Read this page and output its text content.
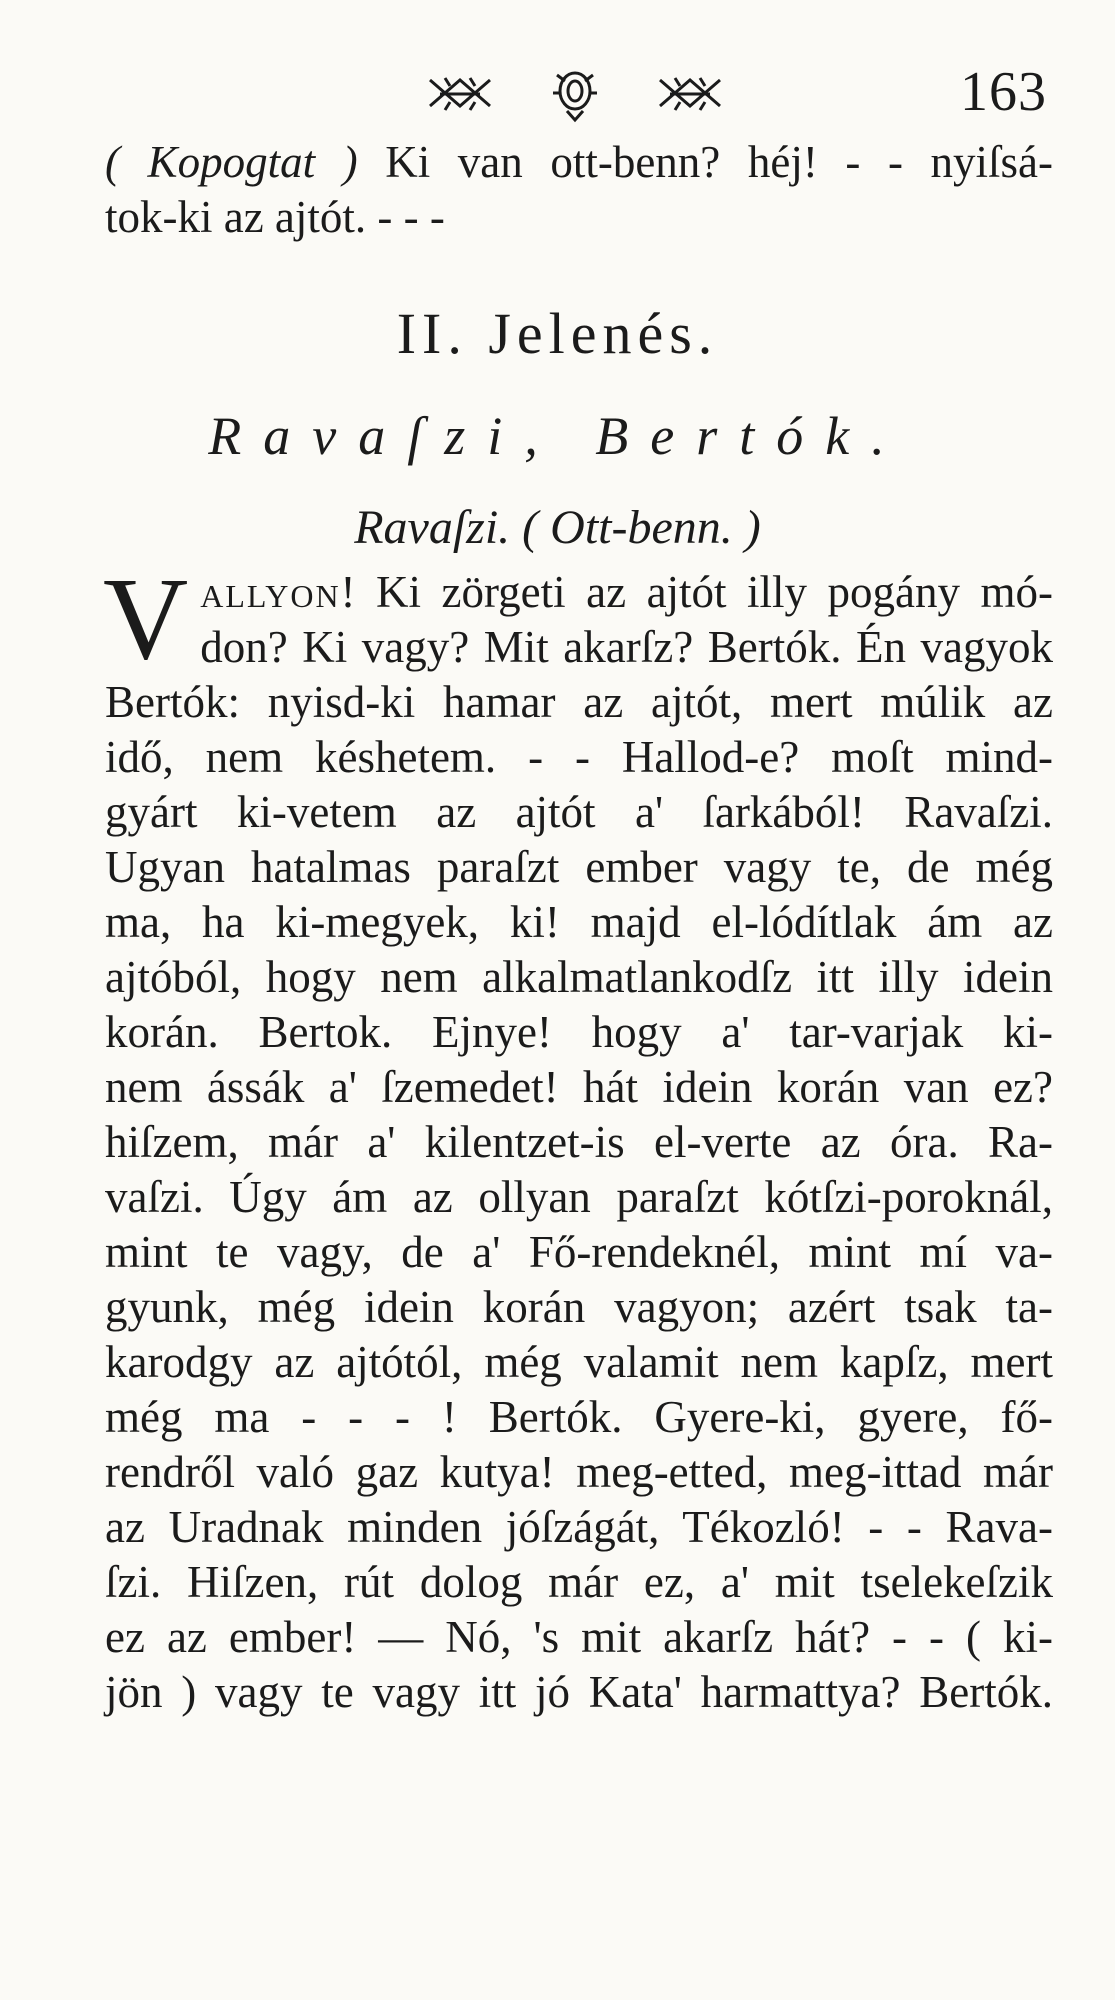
163
( Kopogtat ) Ki van ott-benn? héj! - - nyiſsá-
tok-ki az ajtót. - - -
II. Jelenés.
Ravaſzi, Bertók.
Ravaſzi. ( Ott-benn. )
V allyon! Ki zörgeti az ajtót illy pogány mó-
don? Ki vagy? Mit akarſz? Bertók. Én vagyok
Bertók: nyisd-ki hamar az ajtót, mert múlik az
idő, nem késhetem. - - Hallod-e? moſt mind-
gyárt ki-vetem az ajtót a' ſarkából! Ravaſzi.
Ugyan hatalmas paraſzt ember vagy te, de még
ma, ha ki-megyek, ki! majd el-lódítlak ám az
ajtóból, hogy nem alkalmatlankodſz itt illy idein
korán. Bertok. Ejnye! hogy a' tar-varjak ki-
nem ássák a' ſzemedet! hát idein korán van ez?
hiſzem, már a' kilentzet-is el-verte az óra. Ra-
vaſzi. Úgy ám az ollyan paraſzt kótſzi-poroknál,
mint te vagy, de a' Fő-rendeknél, mint mí va-
gyunk, még idein korán vagyon; azért tsak ta-
karodgy az ajtótól, még valamit nem kapſz, mert
még ma - - - ! Bertók. Gyere-ki, gyere, fő-
rendről való gaz kutya! meg-etted, meg-ittad már
az Uradnak minden jóſzágát, Tékozló! - - Rava-
ſzi. Hiſzen, rút dolog már ez, a' mit tselekeſzik
ez az ember! — Nó, 's mit akarſz hát? - - ( ki-
jön ) vagy te vagy itt jó Kata' harmattya? Bertók.
